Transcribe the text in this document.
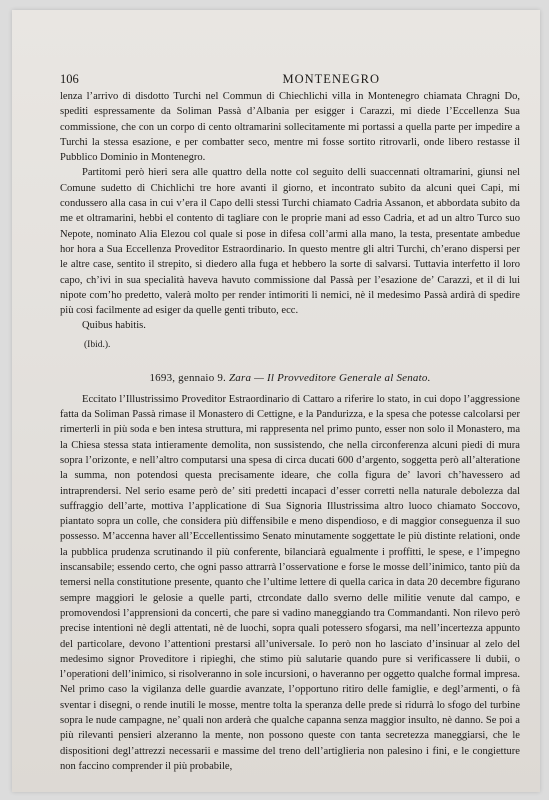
106	MONTENEGRO

lenza l’arrivo di disdotto Turchi nel Commun di Chiechlichi villa in Montenegro chiamata Chragni Do, spediti espressamente da Soliman Passà d’Albania per esigger i Carazzi, mi diede l’Eccellenza Sua commissione, che con un corpo di cento oltramarini sollecitamente mi portassi a quella parte per impedire a Turchi la stessa esazione, e per combatter seco, mentre mi fosse sortito ritrovarli, onde libero restasse il Pubblico Dominio in Montenegro.

Partitomi però hieri sera alle quattro della notte col seguito delli suaccennati oltramarini, giunsi nel Comune sudetto di Chichlichi tre hore avanti il giorno, et incontrato subito da alcuni quei Capi, mi condussero alla casa in cui v’era il Capo delli stessi Turchi chiamato Cadria Assanon, et abbordata subito da me et oltramarini, hebbi el contento di tagliare con le proprie mani ad esso Cadria, et ad un altro Turco suo Nepote, nominato Alia Elezou col quale si pose in difesa coll’armi alla mano, la testa, presentate ambedue hor hora a Sua Eccellenza Proveditor Estraordinario. In questo mentre gli altri Turchi, ch’erano dispersi per le altre case, sentito il strepito, si diedero alla fuga et hebbero la sorte di salvarsi. Tuttavia interfetto il loro capo, ch’ivi in sua specialità haveva havuto commissione dal Passà per l’esazione de’ Carazzi, et il di lui nipote com’ho predetto, valerà molto per render intimoriti li nemici, nè il medesimo Passà ardirà di spedire più così facilmente ad esiger da quelle genti tributo, ecc.

Quibus habitis.

(Ibid.).
1693, gennaio 9. Zara — Il Provveditore Generale al Senato.

Eccitato l’Illustrissimo Proveditor Estraordinario di Cattaro a riferire lo stato, in cui dopo l’aggressione fatta da Soliman Passà rimase il Monastero di Cettigne, e la Pandurizza, e la spesa che potesse calcolarsi per rimerterli in più soda e ben intesa struttura, mi rappresenta nel primo punto, esser non solo il Monastero, ma la Chiesa stessa stata intieramente demolita, non sussistendo, che nella circonferenza alcuni piedi di mura sopra l’orizonte, e nell’altro computarsi una spesa di circa ducati 600 d’argento, soggetta però all’alteratione la summa, non potendosi questa precisamente ideare, che colla figura de’ lavori ch’havessero ad intraprendersi. Nel serio esame però de’ siti predetti incapaci d’esser corretti nella naturale debolezza dal suffraggio dell’arte, mottiva l’applicatione di Sua Signoria Illustrissima altro luoco chiamato Soccovo, piantato sopra un colle, che considera più diffensibile e meno dispendioso, e di maggior conseguenza il suo possesso. M’accenna haver all’Eccellentissimo Senato minutamente soggettate le più distinte relationi, onde la pubblica prudenza scrutinando il più conferente, bilanciarà egualmente i proffitti, le spese, e l’impegno inscansabile; essendo certo, che ogni passo attrarrà l’osservatione e forse le mosse dell’inimico, tanto più da temersi nella constitutione presente, quanto che l’ultime lettere di quella carica in data 20 decembre figurano sempre maggiori le gelosie a quelle parti, ctrcondate dallo sverno delle militie venute dal campo, e promovendosi l’apprensioni da concerti, che pare si vadino maneggiando tra Commandanti. Non rilevo però precise intentioni nè degli attentati, nè de luochi, sopra quali potessero sfogarsi, ma nell’incertezza appunto del particolare, devono l’attentioni prestarsi all’universale. Io però non ho lasciato d’insinuar al zelo del medesimo signor Proveditore i ripieghi, che stimo più salutarie quando pure si verificassere li dubii, o l’operationi dell’inimico, si risolveranno in sole incursioni, o haveranno per oggetto qualche formal impresa. Nel primo caso la vigilanza delle guardie avanzate, l’opportuno ritiro delle famiglie, e degl’armenti, o fà sventar i disegni, o rende inutili le mosse, mentre tolta la speranza delle prede si ridurrà lo sfogo del turbine sopra le nude campagne, ne’ quali non arderà che qualche capanna senza maggior insulto, nè danno. Se poi a più rilevanti pensieri alzeranno la mente, non possono queste con tanta secretezza maneggiarsi, che le dispositioni degl’attrezzi necessarii e massime del treno dell’artiglieria non palesino i fini, e le congietture non faccino comprender il più probabile,
